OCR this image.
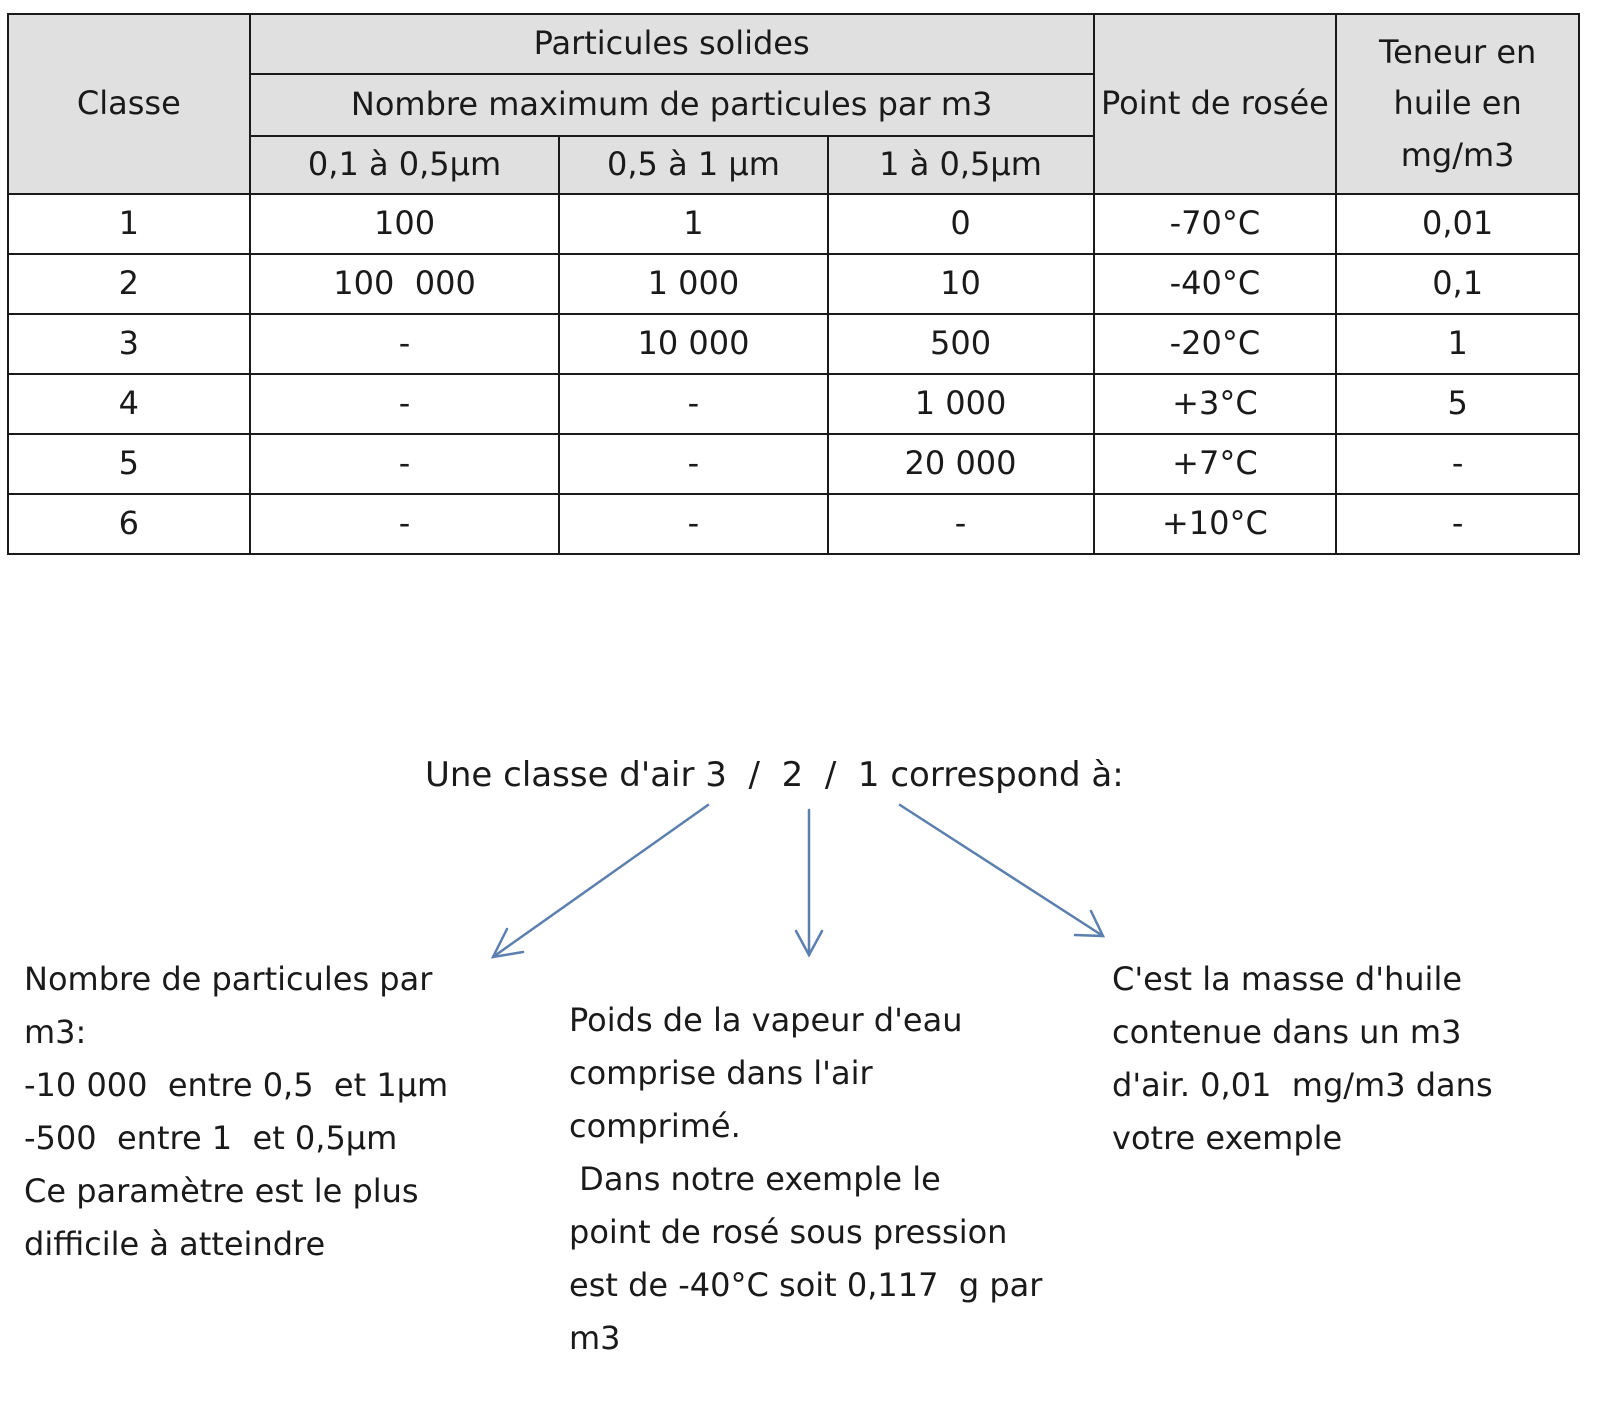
Classe	Particules solides			Point de rosée	Teneur en huile en mg/m3
	Nombre maximum de particules par m3				
	0,1 à 0,5µm	0,5 à 1 µm	1 à 0,5µm		
1	100	1	0	-70°C	0,01
2	100  000	1 000	10	-40°C	0,1
3	-	10 000	500	-20°C	1
4	-	-	1 000	+3°C	5
5	-	-	20 000	+7°C	-
6	-	-	-	+10°C	-

Une classe d'air 3  /  2  /  1 correspond à:

Nombre de particules par
m3:
-10 000  entre 0,5  et 1µm
-500  entre 1  et 0,5µm
Ce paramètre est le plus
difficile à atteindre
Poids de la vapeur d'eau
comprise dans l'air
comprimé.
Dans notre exemple le
point de rosé sous pression
est de -40°C soit 0,117  g par
m3
C'est la masse d'huile
contenue dans un m3
d'air. 0,01  mg/m3 dans
votre exemple
